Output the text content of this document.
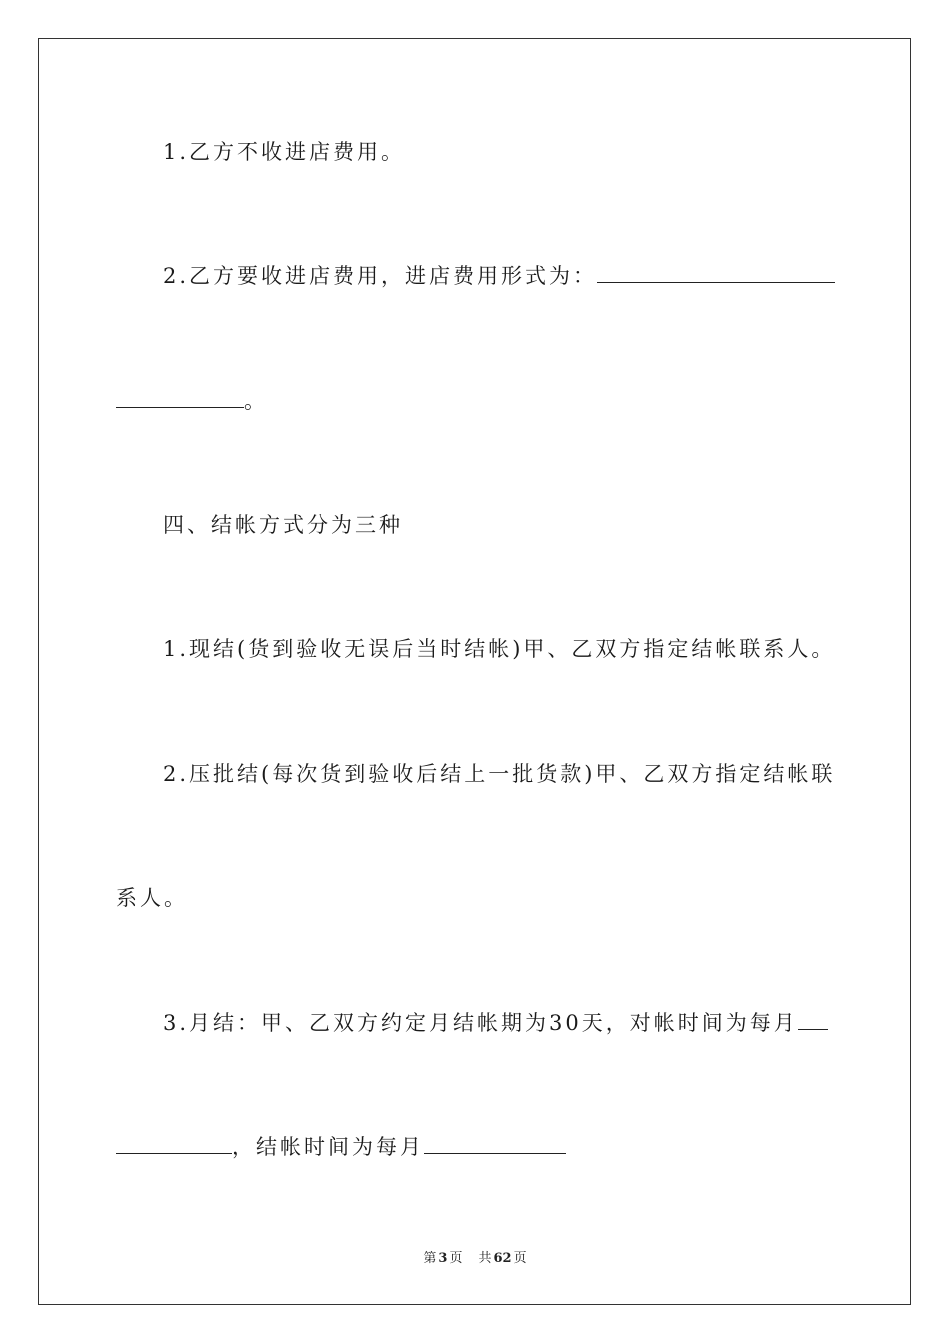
1.乙方不收进店费用。
2.乙方要收进店费用，进店费用形式为：
。
四、结帐方式分为三种
1.现结(货到验收无误后当时结帐)甲、乙双方指定结帐联系人。
2.压批结(每次货到验收后结上一批货款)甲、乙双方指定结帐联
系人。
3.月结：甲、乙双方约定月结帐期为30天，对帐时间为每月
，结帐时间为每月
第 3 页 共 62 页
